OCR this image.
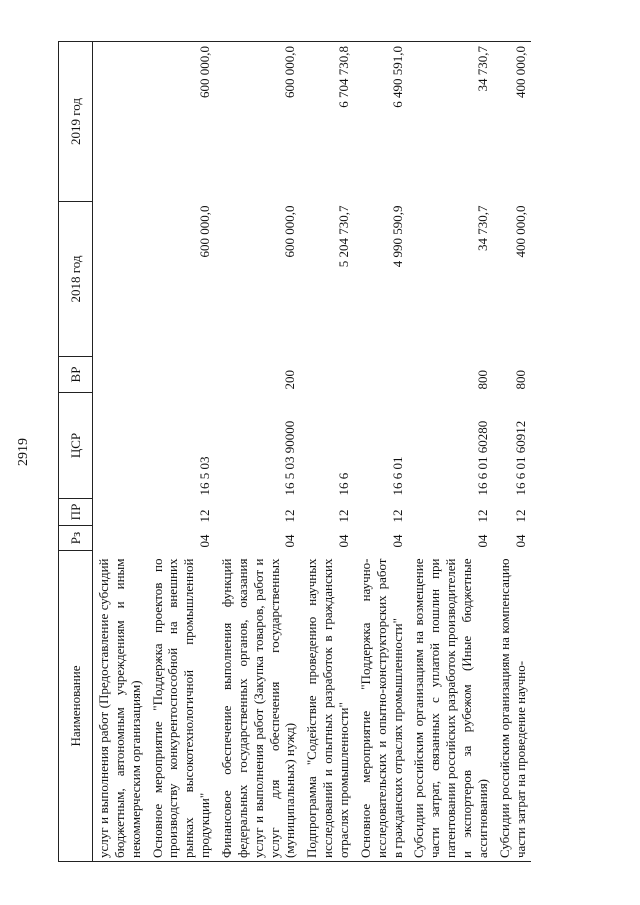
2919
Наименование	Рз	ПР	ЦСР	ВР	2018 год	2019 год
услуг и выполнения работ (Предоставление субсидий бюджетным, автономным учреждениям и иным некоммерческим организациям)						
Основное мероприятие "Поддержка проектов по производству конкурентоспособной на внешних рынках высокотехнологичной промышленной продукции"	04	12	16 5 03		600 000,0	600 000,0
Финансовое обеспечение выполнения функций федеральных государственных органов, оказания услуг и выполнения работ (Закупка товаров, работ и услуг для обеспечения государственных (муниципальных) нужд)	04	12	16 5 03 90000	200	600 000,0	600 000,0
Подпрограмма "Содействие проведению научных исследований и опытных разработок в гражданских отраслях промышленности"	04	12	16 6		5 204 730,7	6 704 730,8
Основное мероприятие "Поддержка научно-исследовательских и опытно-конструкторских работ в гражданских отраслях промышленности"	04	12	16 6 01		4 990 590,9	6 490 591,0
Субсидии российским организациям на возмещение части затрат, связанных с уплатой пошлин при патентовании российских разработок производителей и экспортеров за рубежом (Иные бюджетные ассигнования)	04	12	16 6 01 60280	800	34 730,7	34 730,7
Субсидии российским организациям на компенсацию части затрат на проведение научно-	04	12	16 6 01 60912	800	400 000,0	400 000,0
